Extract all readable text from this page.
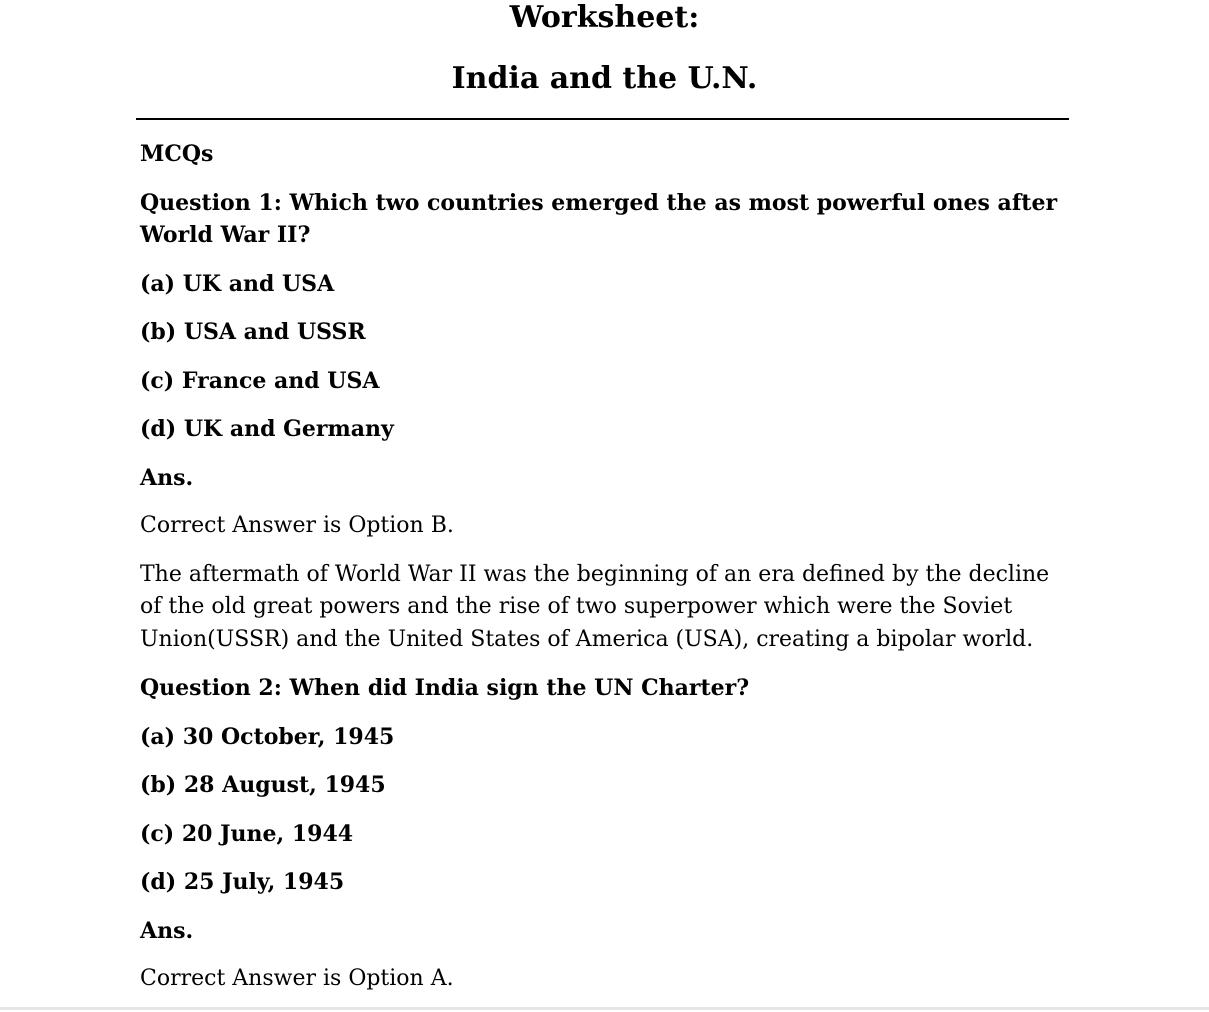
Worksheet:
India and the U.N.

MCQs

Question 1: Which two countries emerged the as most powerful ones after World War II?

(a) UK and USA

(b) USA and USSR

(c) France and USA

(d) UK and Germany

Ans.

Correct Answer is Option B.

The aftermath of World War II was the beginning of an era defined by the decline of the old great powers and the rise of two superpower which were the Soviet Union(USSR) and the United States of America (USA), creating a bipolar world.

Question 2: When did India sign the UN Charter?

(a) 30 October, 1945

(b) 28 August, 1945

(c) 20 June, 1944

(d) 25 July, 1945

Ans.

Correct Answer is Option A.
